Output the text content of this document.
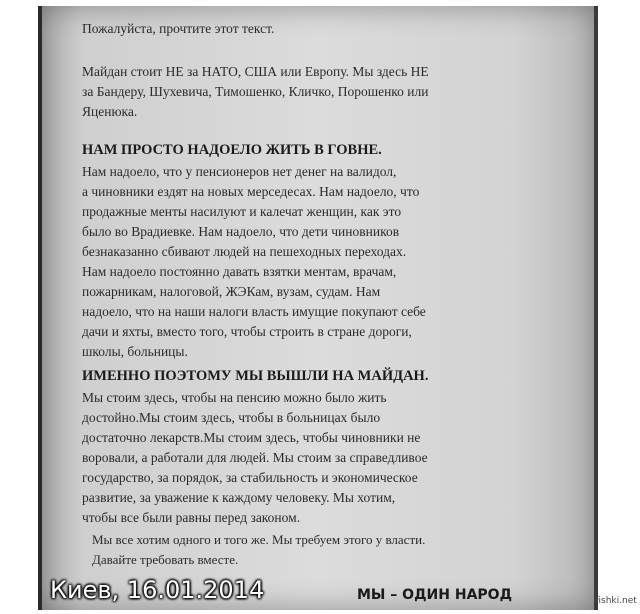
Пожалуйста, прочтите этот текст.
Майдан стоит НЕ за НАТО, США или Европу. Мы здесь НЕ
за Бандеру, Шухевича, Тимошенко, Кличко, Порошенко или
Яценюка.
НАМ ПРОСТО НАДОЕЛО ЖИТЬ В ГОВНЕ.
Нам надоело, что у пенсионеров нет денег на валидол,
а чиновники ездят на новых мерседесах. Нам надоело, что
продажные менты насилуют и калечат женщин, как это
было во Врадиевке. Нам надоело, что дети чиновников
безнаказанно сбивают людей на пешеходных переходах.
Нам надоело постоянно давать взятки ментам, врачам,
пожарникам, налоговой, ЖЭКам, вузам, судам. Нам
надоело, что на наши налоги власть имущие покупают себе
дачи и яхты, вместо того, чтобы строить в стране дороги,
школы, больницы.
ИМЕННО ПОЭТОМУ МЫ ВЫШЛИ НА МАЙДАН.
Мы стоим здесь, чтобы на пенсию можно было жить
достойно.Мы стоим здесь, чтобы в больницах было
достаточно лекарств.Мы стоим здесь, чтобы чиновники не
воровали, а работали для людей. Мы стоим за справедливое
государство, за порядок, за стабильность и экономическое
развитие, за уважение к каждому человеку. Мы хотим,
чтобы все были равны перед законом.
Мы все хотим одного и того же. Мы требуем этого у власти.
Давайте требовать вместе.
МЫ – ОДИН НАРОД
Киев, 16.01.2014	Fishki.net
